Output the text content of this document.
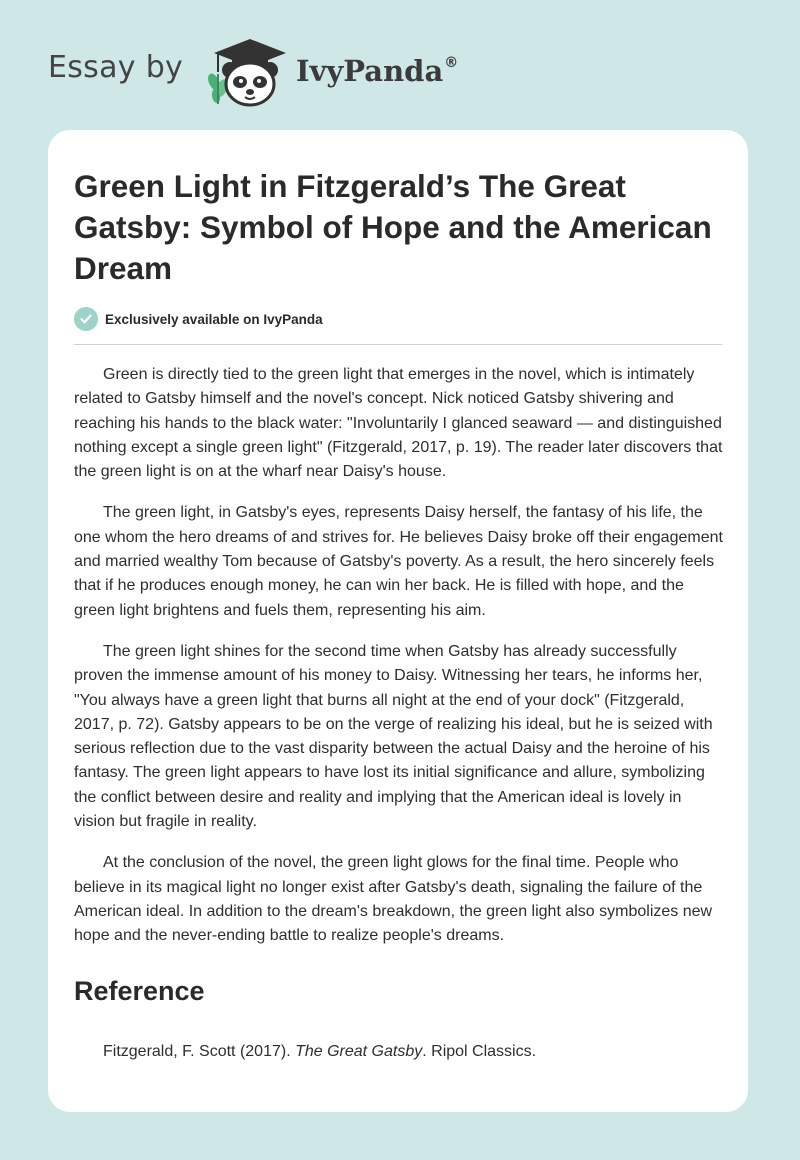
Essay by	IvyPanda®
Green Light in Fitzgerald’s The Great Gatsby: Symbol of Hope and the American Dream
Exclusively available on IvyPanda

Green is directly tied to the green light that emerges in the novel, which is intimately related to Gatsby himself and the novel's concept. Nick noticed Gatsby shivering and reaching his hands to the black water: "Involuntarily I glanced seaward — and distinguished nothing except a single green light" (Fitzgerald, 2017, p. 19). The reader later discovers that the green light is on at the wharf near Daisy's house.

The green light, in Gatsby's eyes, represents Daisy herself, the fantasy of his life, the one whom the hero dreams of and strives for. He believes Daisy broke off their engagement and married wealthy Tom because of Gatsby's poverty. As a result, the hero sincerely feels that if he produces enough money, he can win her back. He is filled with hope, and the green light brightens and fuels them, representing his aim.

The green light shines for the second time when Gatsby has already successfully proven the immense amount of his money to Daisy. Witnessing her tears, he informs her, "You always have a green light that burns all night at the end of your dock" (Fitzgerald, 2017, p. 72). Gatsby appears to be on the verge of realizing his ideal, but he is seized with serious reflection due to the vast disparity between the actual Daisy and the heroine of his fantasy. The green light appears to have lost its initial significance and allure, symbolizing the conflict between desire and reality and implying that the American ideal is lovely in vision but fragile in reality.

At the conclusion of the novel, the green light glows for the final time. People who believe in its magical light no longer exist after Gatsby's death, signaling the failure of the American ideal. In addition to the dream's breakdown, the green light also symbolizes new hope and the never-ending battle to realize people's dreams.

Reference

Fitzgerald, F. Scott (2017). The Great Gatsby. Ripol Classics.
